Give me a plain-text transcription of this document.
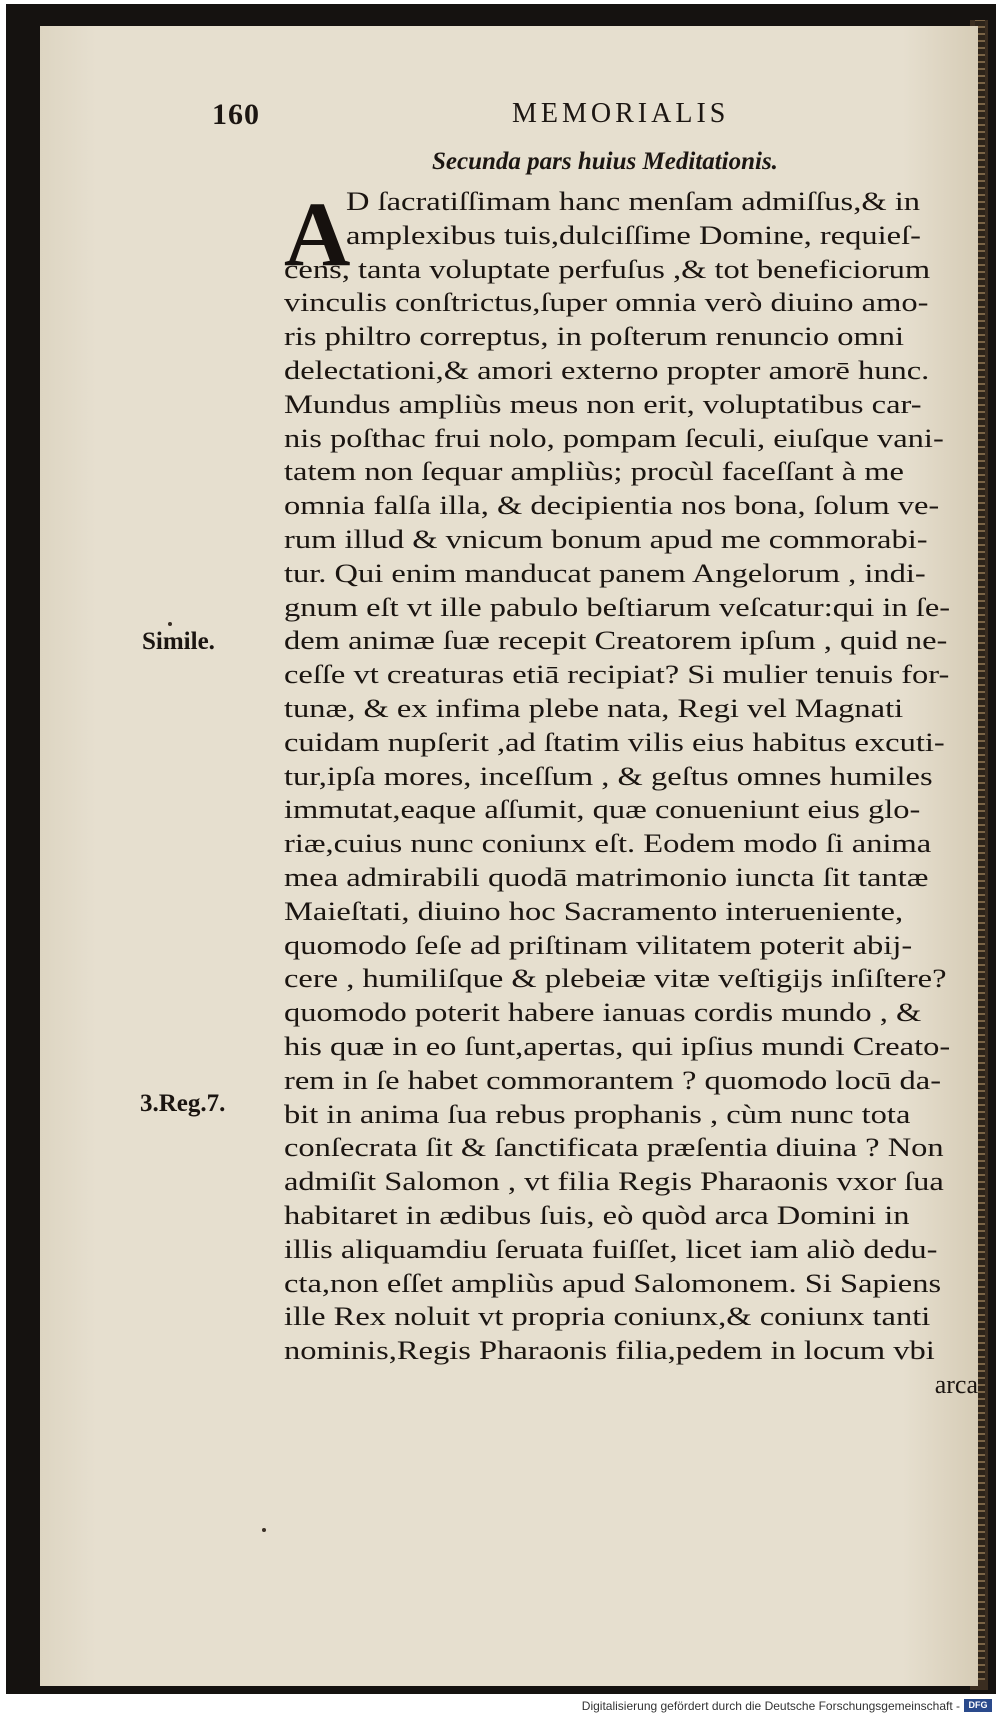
160	MEMORIALIS
Secunda pars huius Meditationis.
A
D ſacratiſſimam hanc menſam admiſſus,& in
amplexibus tuis,dulciſſime Domine, requieſ-
cens, tanta voluptate perfuſus ,& tot beneficiorum
vinculis conſtrictus,ſuper omnia verò diuino amo-
ris philtro correptus, in poſterum renuncio omni
delectationi,& amori externo propter amorē hunc.
Mundus ampliùs meus non erit, voluptatibus car-
nis poſthac frui nolo, pompam ſeculi, eiuſque vani-
tatem non ſequar ampliùs; procùl faceſſant à me
omnia falſa illa, & decipientia nos bona, ſolum ve-
rum illud & vnicum bonum apud me commorabi-
tur. Qui enim manducat panem Angelorum , indi-
gnum eſt vt ille pabulo beſtiarum veſcatur:qui in ſe-
dem animæ ſuæ recepit Creatorem ipſum , quid ne-
ceſſe vt creaturas etiā recipiat? Si mulier tenuis for-
tunæ, & ex infima plebe nata, Regi vel Magnati
cuidam nupſerit ,ad ſtatim vilis eius habitus excuti-
tur,ipſa mores, inceſſum , & geſtus omnes humiles
immutat,eaque aſſumit, quæ conueniunt eius glo-
riæ,cuius nunc coniunx eſt. Eodem modo ſi anima
mea admirabili quodā matrimonio iuncta ſit tantæ
Maieſtati, diuino hoc Sacramento interueniente,
quomodo ſeſe ad priſtinam vilitatem poterit abij-
cere , humiliſque & plebeiæ vitæ veſtigijs inſiſtere?
quomodo poterit habere ianuas cordis mundo , &
his quæ in eo ſunt,apertas, qui ipſius mundi Creato-
rem in ſe habet commorantem ? quomodo locū da-
bit in anima ſua rebus prophanis , cùm nunc tota
conſecrata ſit & ſanctificata præſentia diuina ? Non
admiſit Salomon , vt filia Regis Pharaonis vxor ſua
habitaret in ædibus ſuis, eò quòd arca Domini in
illis aliquamdiu ſeruata fuiſſet, licet iam aliò dedu-
cta,non eſſet ampliùs apud Salomonem. Si Sapiens
ille Rex noluit vt propria coniunx,& coniunx tanti
nominis,Regis Pharaonis filia,pedem in locum vbi
arca
Simile.
3.Reg.7.
Digitalisierung gefördert durch die Deutsche Forschungsgemeinschaft - DFG
